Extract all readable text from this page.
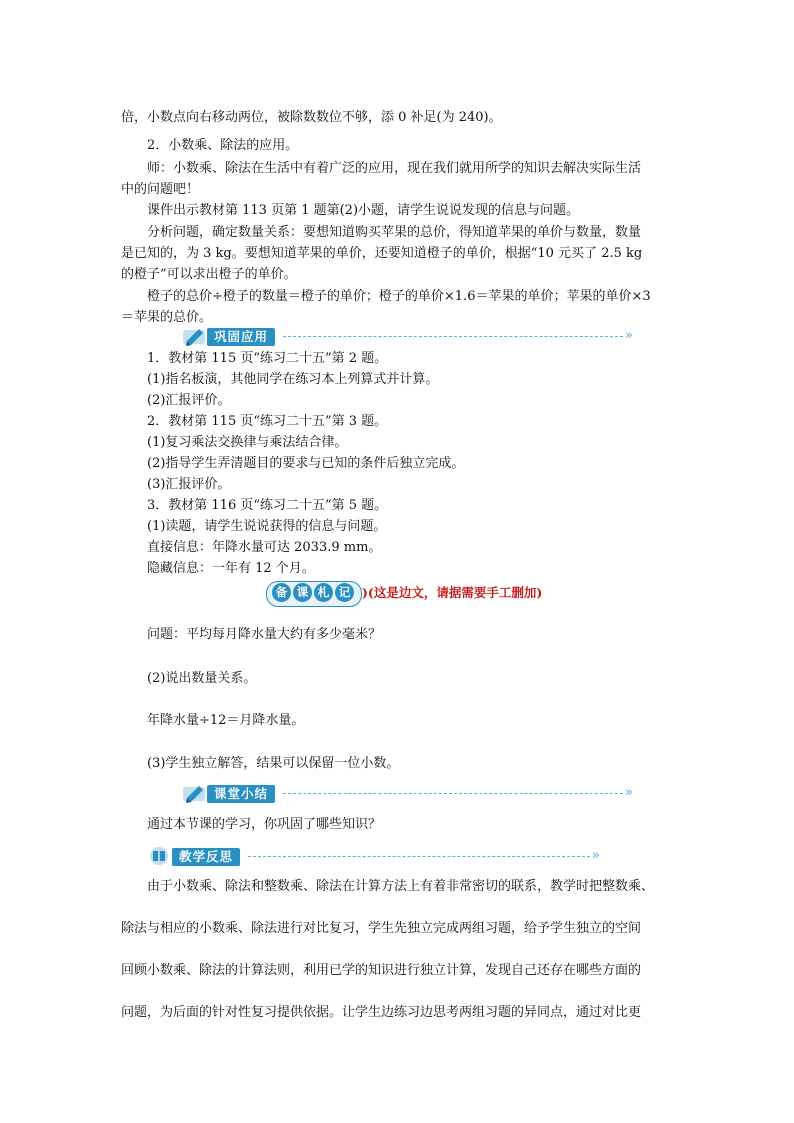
倍，小数点向右移动两位，被除数数位不够，添 0 补足(为 240)。
2．小数乘、除法的应用。
师：小数乘、除法在生活中有着广泛的应用，现在我们就用所学的知识去解决实际生活
中的问题吧！
课件出示教材第 113 页第 1 题第(2)小题，请学生说说发现的信息与问题。
分析问题，确定数量关系：要想知道购买苹果的总价，得知道苹果的单价与数量，数量
是已知的，为 3 kg。要想知道苹果的单价，还要知道橙子的单价，根据“10 元买了 2.5 kg
的橙子”可以求出橙子的单价。
橙子的总价÷橙子的数量＝橙子的单价；橙子的单价×1.6＝苹果的单价；苹果的单价×3
＝苹果的总价。
巩固应用	»
1．教材第 115 页“练习二十五”第 2 题。
(1)指名板演，其他同学在练习本上列算式并计算。
(2)汇报评价。
2．教材第 115 页“练习二十五”第 3 题。
(1)复习乘法交换律与乘法结合律。
(2)指导学生弄清题目的要求与已知的条件后独立完成。
(3)汇报评价。
3．教材第 116 页“练习二十五”第 5 题。
(1)读题，请学生说说获得的信息与问题。
直接信息：年降水量可达 2033.9 mm。
隐藏信息：一年有 12 个月。
备 课 札 记 )(这是边文，请据需要手工删加)
问题：平均每月降水量大约有多少毫米？
(2)说出数量关系。
年降水量÷12＝月降水量。
(3)学生独立解答，结果可以保留一位小数。
课堂小结	»
通过本节课的学习，你巩固了哪些知识？
教学反思	»
由于小数乘、除法和整数乘、除法在计算方法上有着非常密切的联系，教学时把整数乘、
除法与相应的小数乘、除法进行对比复习，学生先独立完成两组习题，给予学生独立的空间
回顾小数乘、除法的计算法则，利用已学的知识进行独立计算，发现自己还存在哪些方面的
问题，为后面的针对性复习提供依据。让学生边练习边思考两组习题的异同点，通过对比更
